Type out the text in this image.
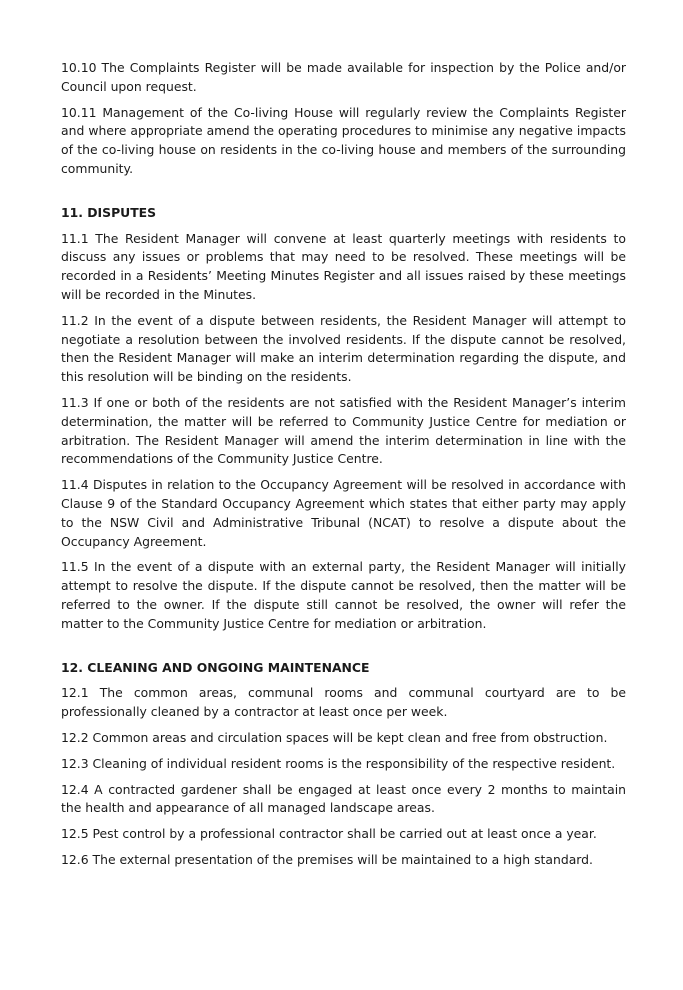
10.10 The Complaints Register will be made available for inspection by the Police and/or Council upon request.

10.11 Management of the Co-living House will regularly review the Complaints Register and where appropriate amend the operating procedures to minimise any negative impacts of the co-living house on residents in the co-living house and members of the surrounding community.

11. DISPUTES

11.1 The Resident Manager will convene at least quarterly meetings with residents to discuss any issues or problems that may need to be resolved. These meetings will be recorded in a Residents’ Meeting Minutes Register and all issues raised by these meetings will be recorded in the Minutes.

11.2 In the event of a dispute between residents, the Resident Manager will attempt to negotiate a resolution between the involved residents. If the dispute cannot be resolved, then the Resident Manager will make an interim determination regarding the dispute, and this resolution will be binding on the residents.

11.3 If one or both of the residents are not satisfied with the Resident Manager’s interim determination, the matter will be referred to Community Justice Centre for mediation or arbitration. The Resident Manager will amend the interim determination in line with the recommendations of the Community Justice Centre.

11.4 Disputes in relation to the Occupancy Agreement will be resolved in accordance with Clause 9 of the Standard Occupancy Agreement which states that either party may apply to the NSW Civil and Administrative Tribunal (NCAT) to resolve a dispute about the Occupancy Agreement.

11.5 In the event of a dispute with an external party, the Resident Manager will initially attempt to resolve the dispute. If the dispute cannot be resolved, then the matter will be referred to the owner. If the dispute still cannot be resolved, the owner will refer the matter to the Community Justice Centre for mediation or arbitration.

12. CLEANING AND ONGOING MAINTENANCE

12.1 The common areas, communal rooms and communal courtyard are to be professionally cleaned by a contractor at least once per week.

12.2 Common areas and circulation spaces will be kept clean and free from obstruction.

12.3 Cleaning of individual resident rooms is the responsibility of the respective resident.

12.4 A contracted gardener shall be engaged at least once every 2 months to maintain the health and appearance of all managed landscape areas.

12.5 Pest control by a professional contractor shall be carried out at least once a year.

12.6 The external presentation of the premises will be maintained to a high standard.
